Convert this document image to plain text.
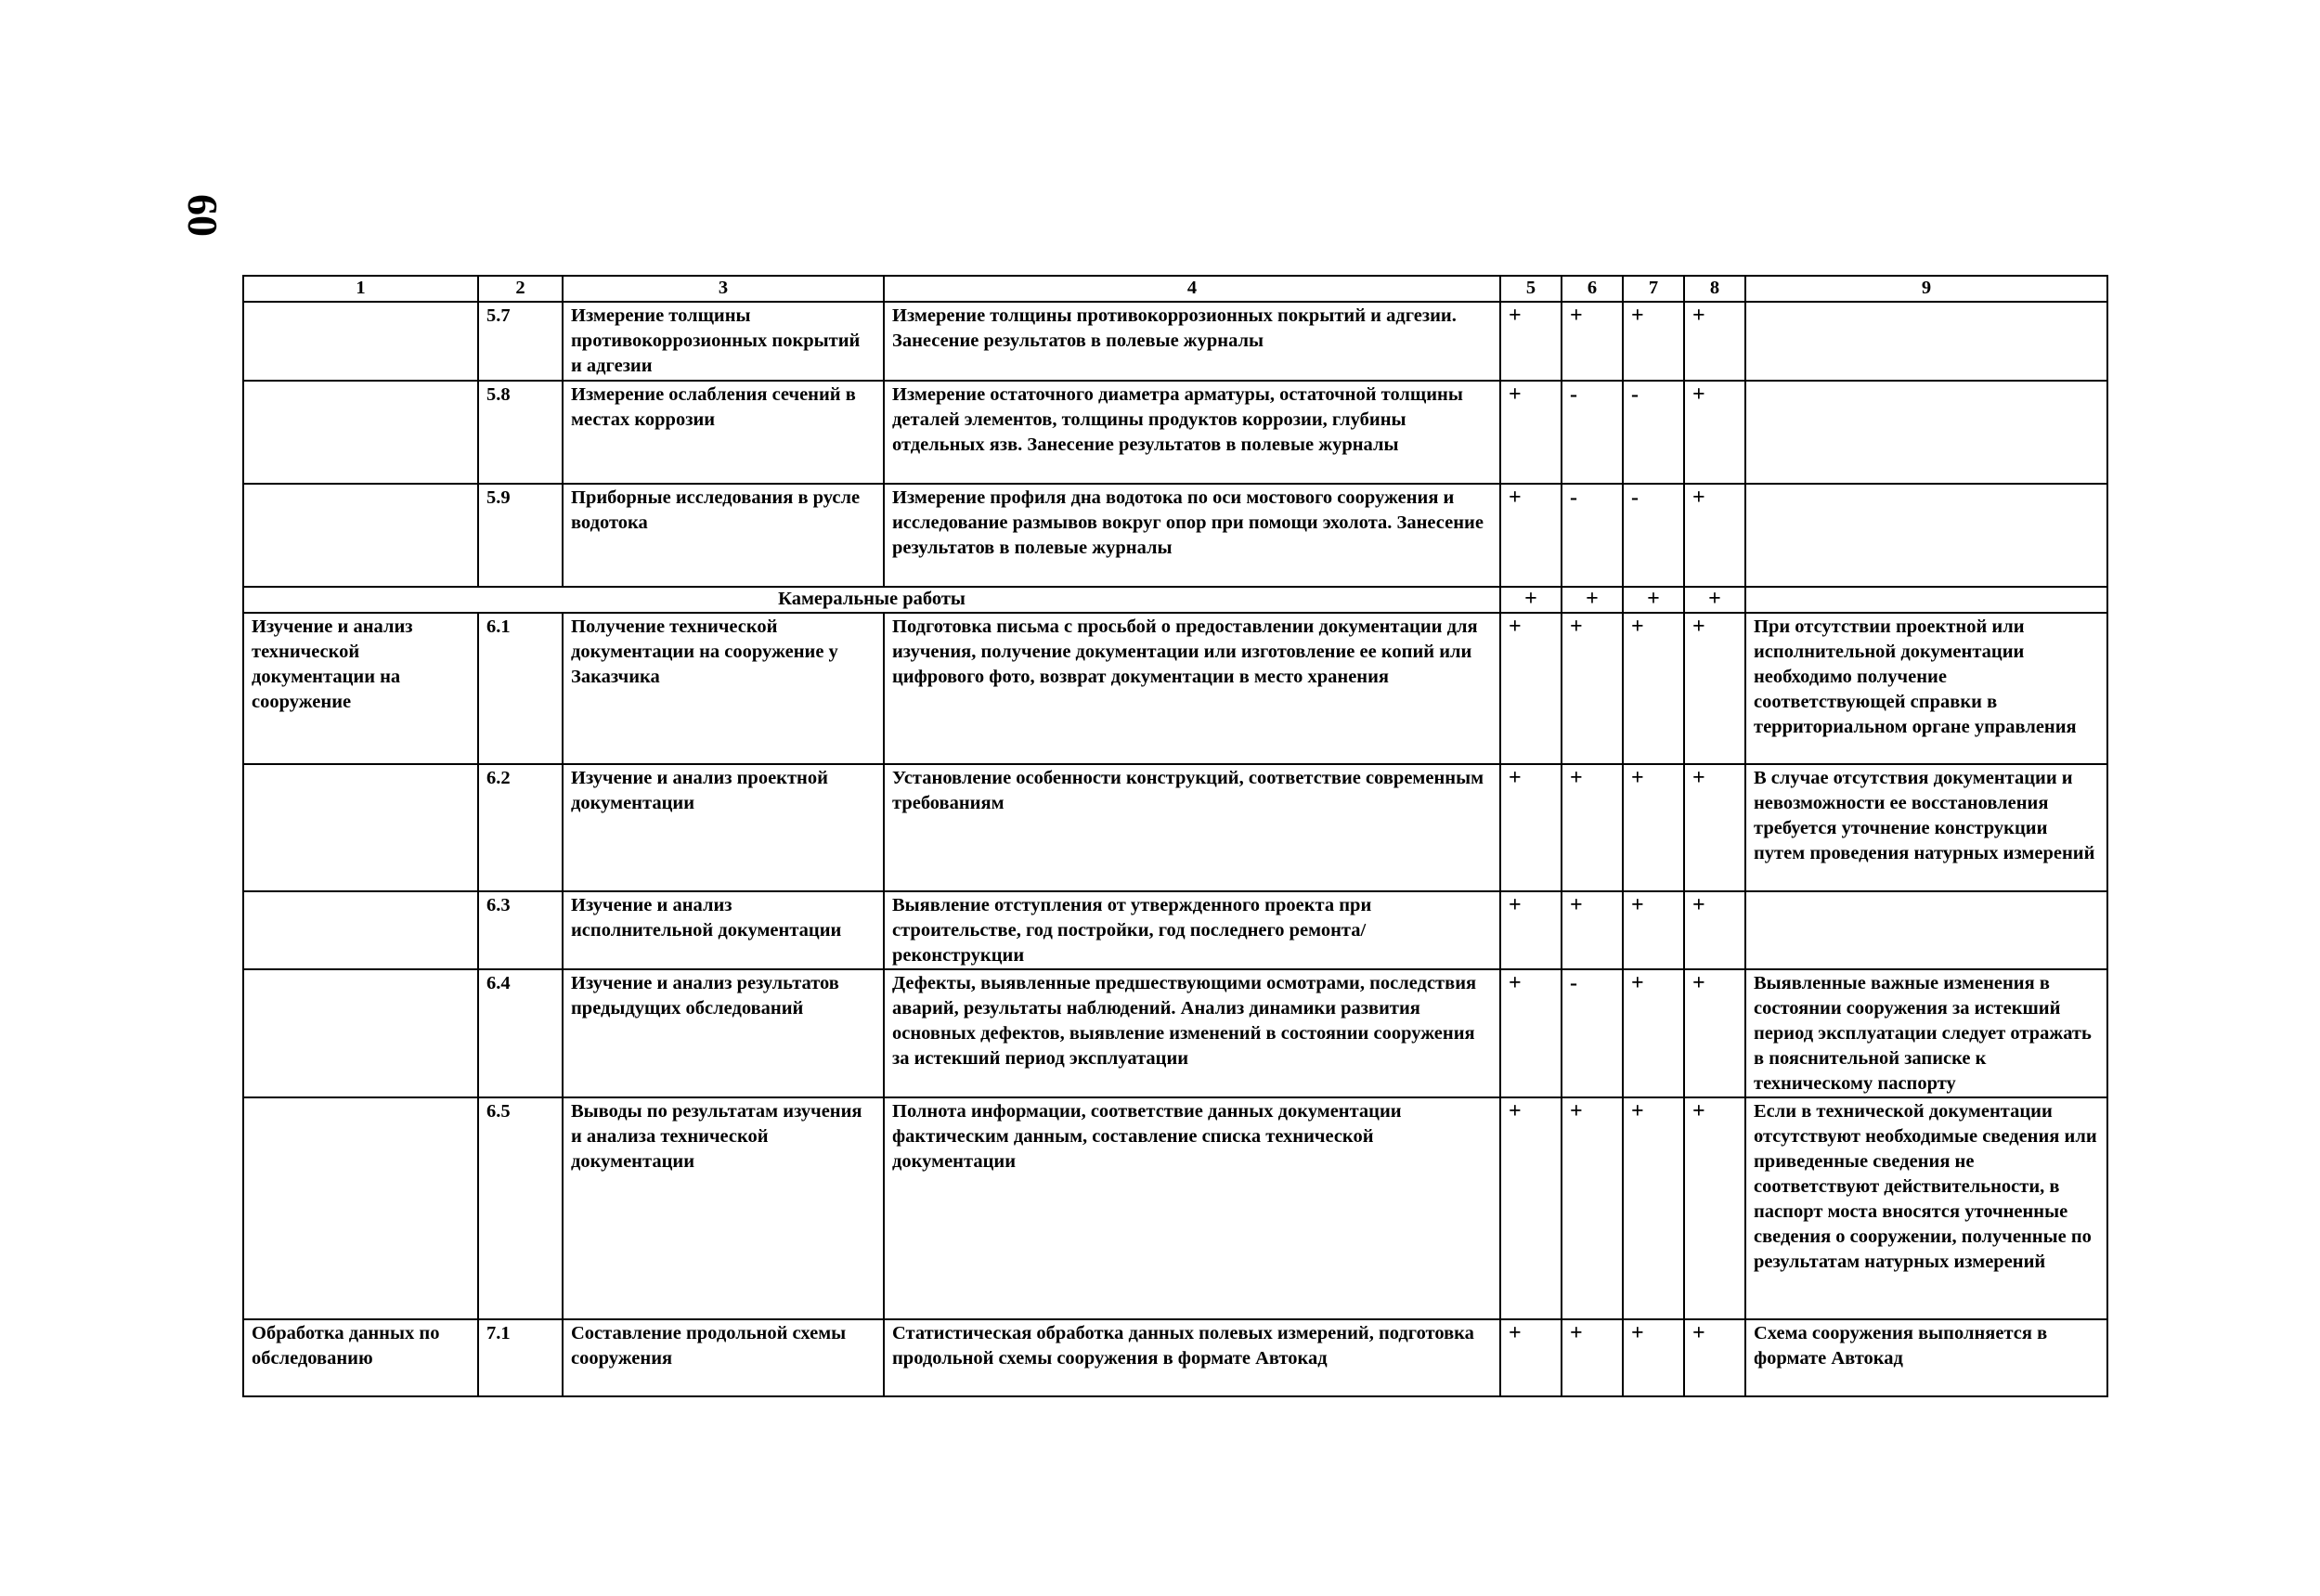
60
1	2	3	4	5	6	7	8	9
	5.7	Измерение толщины противокоррозионных покрытий и адгезии	Измерение толщины противокоррозионных покрытий и адгезии. Занесение результатов в полевые журналы	+	+	+	+	
	5.8	Измерение ослабления сечений в местах коррозии	Измерение остаточного диаметра арматуры, остаточной толщины деталей элементов, толщины продуктов коррозии, глубины отдельных язв. Занесение результатов в полевые журналы	+	-	-	+	
	5.9	Приборные исследования в русле водотока	Измерение профиля дна водотока по оси мостового сооружения и исследование размывов вокруг опор при помощи эхолота. Занесение результатов в полевые журналы	+	-	-	+	
Камеральные работы				+	+	+	+	
Изучение и анализ технической документации на сооружение	6.1	Получение технической документации на сооружение у Заказчика	Подготовка письма с просьбой о предоставлении документации для изучения, получение документации или изготовление ее копий или цифрового фото, возврат документации в место хранения	+	+	+	+	При отсутствии проектной или исполнительной документации необходимо получение соответствующей справки в территориальном органе управления
	6.2	Изучение и анализ проектной документации	Установление особенности конструкций, соответствие современным требованиям	+	+	+	+	В случае отсутствия документации и невозможности ее восстановления требуется уточнение конструкции путем проведения натурных измерений
	6.3	Изучение и анализ исполнительной документации	Выявление отступления от утвержденного проекта при строительстве, год постройки, год последнего ремонта/реконструкции	+	+	+	+	
	6.4	Изучение и анализ результатов предыдущих обследований	Дефекты, выявленные предшествующими осмотрами, последствия аварий, результаты наблюдений. Анализ динамики развития основных дефектов, выявление изменений в состоянии сооружения за истекший период эксплуатации	+	-	+	+	Выявленные важные изменения в состоянии сооружения за истекший период эксплуатации следует отражать в пояснительной записке к техническому паспорту
	6.5	Выводы по результатам изучения и анализа технической документации	Полнота информации, соответствие данных документации фактическим данным, составление списка технической документации	+	+	+	+	Если в технической документации отсутствуют необходимые сведения или приведенные сведения не соответствуют действительности, в паспорт моста вносятся уточненные сведения о сооружении, полученные по результатам натурных измерений
Обработка данных по обследованию	7.1	Составление продольной схемы сооружения	Статистическая обработка данных полевых измерений, подготовка продольной схемы сооружения в формате Автокад	+	+	+	+	Схема сооружения выполняется в формате Автокад
